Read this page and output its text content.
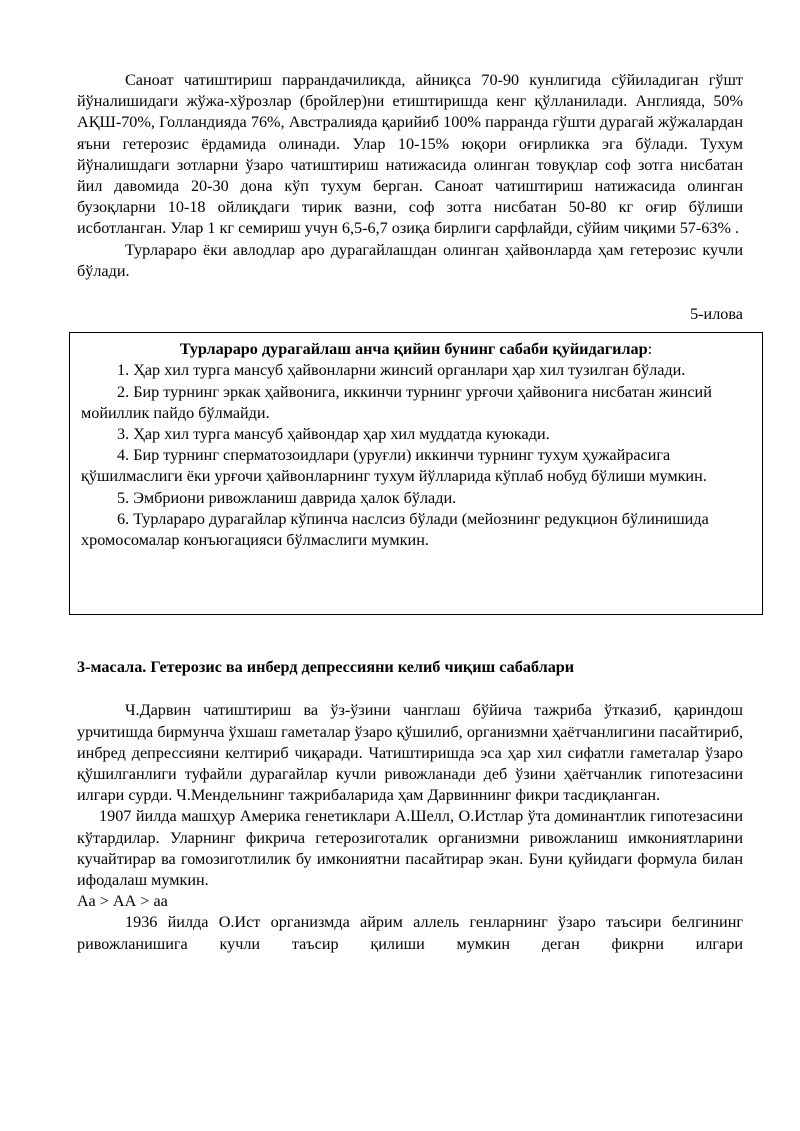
Саноат чатиштириш паррандачиликда, айниқса 70-90 кунлигида сўйиладиган гўшт йўналишидаги жўжа-хўрозлар (бройлер)ни етиштиришда кенг қўлланилади. Англияда, 50% АҚШ-70%, Голландияда 76%, Австралияда қарийиб 100% парранда гўшти дурагай жўжалардан яъни гетерозис ёрдамида олинади. Улар 10-15% юқори оғирликка эга бўлади. Тухум йўналишдаги зотларни ўзаро чатиштириш натижасида олинган товуқлар соф зотга нисбатан йил давомида 20-30 дона кўп тухум берган. Саноат чатиштириш натижасида олинган бузоқларни 10-18 ойлиқдаги тирик вазни, соф зотга нисбатан 50-80 кг оғир бўлиши исботланган. Улар 1 кг семириш учун 6,5-6,7 озиқа бирлиги сарфлайди, сўйим чиқими 57-63% .

Турлараро ёки авлодлар аро дурагайлашдан олинган ҳайвонларда ҳам гетерозис кучли бўлади.

5-илова
Турлараро дурагайлаш анча қийин бунинг сабаби қуйидагилар:

1. Ҳар хил турга мансуб ҳайвонларни жинсий органлари ҳар хил тузилган бўлади.

2. Бир турнинг эркак ҳайвонига, иккинчи турнинг урғочи ҳайвонига нисбатан жинсий мойиллик пайдо бўлмайди.

3. Ҳар хил турга мансуб ҳайвондар ҳар хил муддатда куюкади.

4. Бир турнинг сперматозоидлари (уруғли) иккинчи турнинг тухум ҳужайрасига қўшилмаслиги ёки урғочи ҳайвонларнинг тухум йўлларида кўплаб нобуд бўлиши мумкин.

5. Эмбриони ривожланиш даврида ҳалок бўлади.

6. Турлараро дурагайлар кўпинча наслсиз бўлади (мейознинг редукцион бўлинишида хромосомалар конъюгацияси бўлмаслиги мумкин.

3-масала. Гетерозис ва инберд депрессияни келиб чиқиш сабаблари

Ч.Дарвин чатиштириш ва ўз-ўзини чанглаш бўйича тажриба ўтказиб, қариндош урчитишда бирмунча ўхшаш гаметалар ўзаро қўшилиб, организмни ҳаётчанлигини пасайтириб, инбред депрессияни келтириб чиқаради. Чатиштиришда эса ҳар хил сифатли гаметалар ўзаро қўшилганлиги туфайли дурагайлар кучли ривожланади деб ўзини ҳаётчанлик гипотезасини илгари сурди. Ч.Мендельнинг тажрибаларида ҳам Дарвиннинг фикри тасдиқланган.

1907 йилда машҳур Америка генетиклари А.Шелл, О.Истлар ўта доминантлик гипотезасини кўтардилар. Уларнинг фикрича гетерозиготалик организмни ривожланиш имкониятларини кучайтирар ва гомозиготлилик бу имкониятни пасайтирар экан. Буни қуйидаги формула билан ифодалаш мумкин.

Аа > АА > аа

1936 йилда О.Ист организмда айрим аллель генларнинг ўзаро таъсири белгининг ривожланишига кучли таъсир қилиши мумкин деган фикрни илгари
